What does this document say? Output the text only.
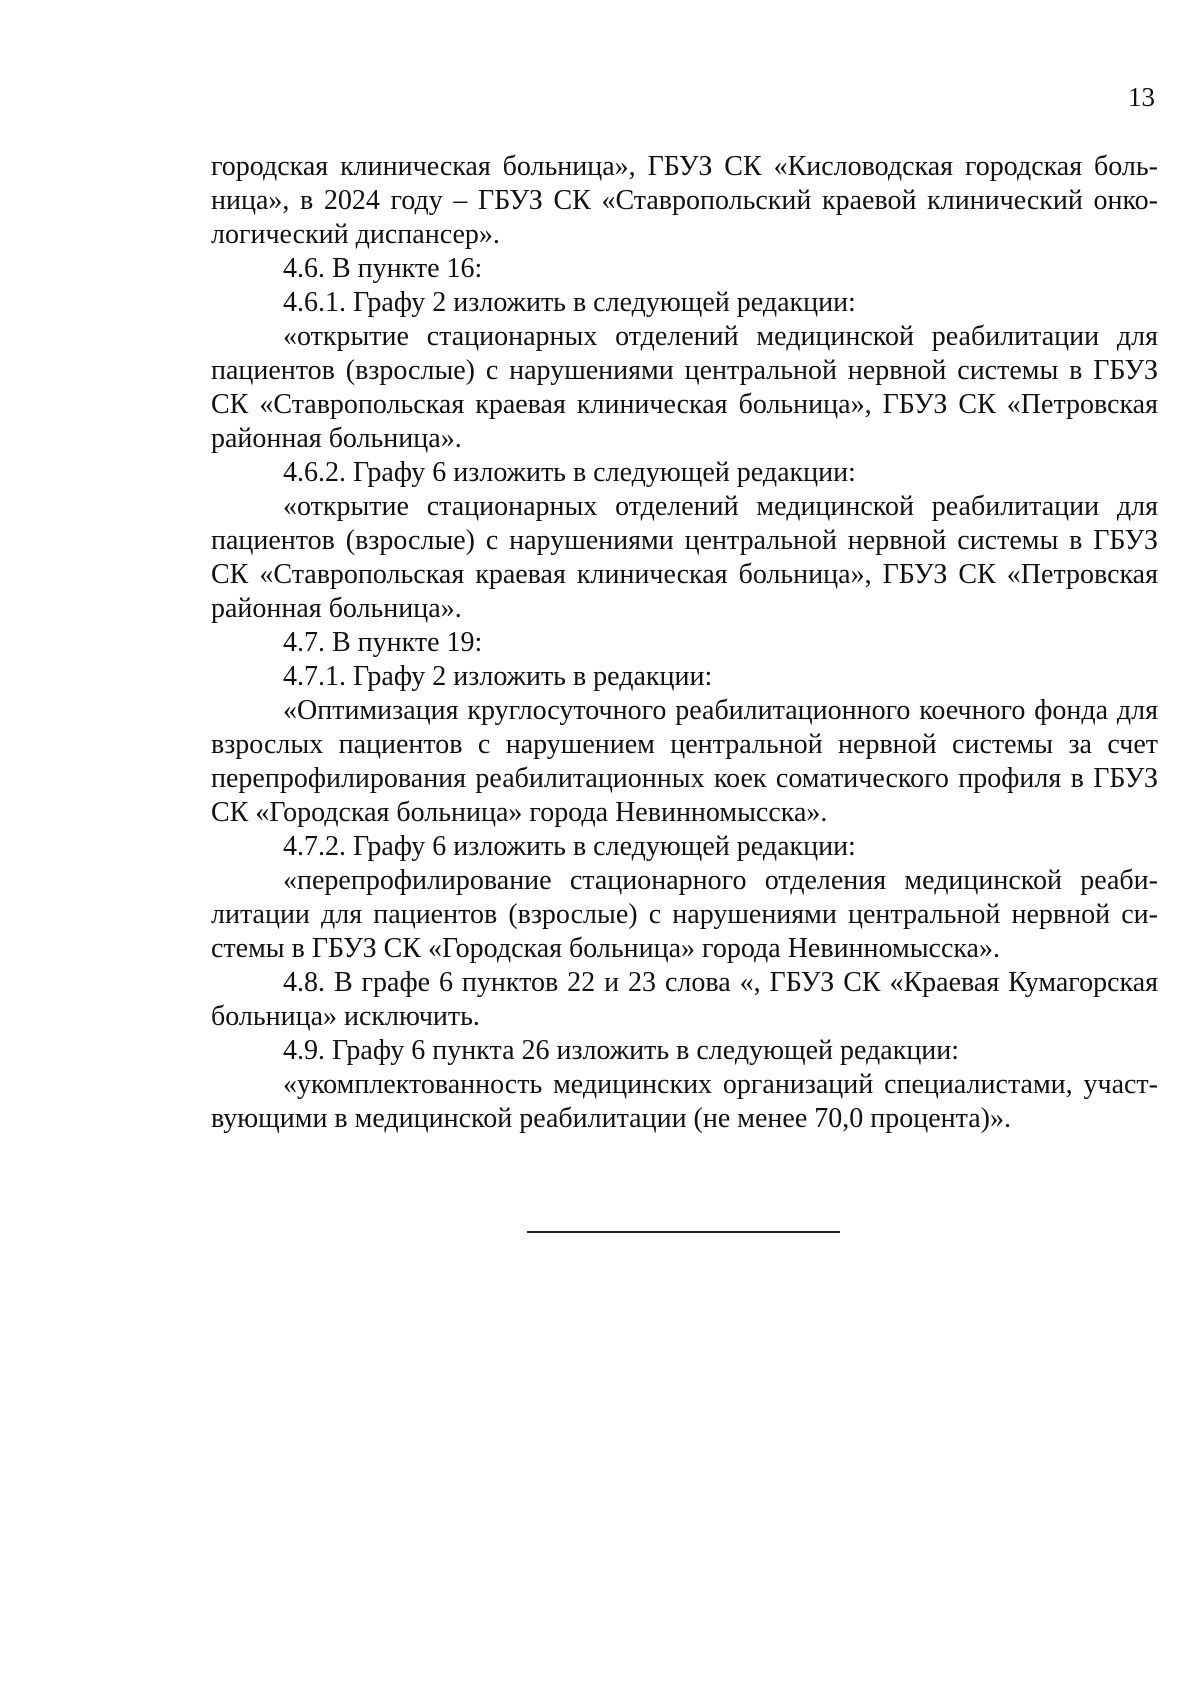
13

городская клиническая больница», ГБУЗ СК «Кисловодская городская больница», в 2024 году – ГБУЗ СК «Ставропольский краевой клинический онкологический диспансер».

4.6. В пункте 16:

4.6.1. Графу 2 изложить в следующей редакции:

«открытие стационарных отделений медицинской реабилитации для пациентов (взрослые) с нарушениями центральной нервной системы в ГБУЗ СК «Ставропольская краевая клиническая больница», ГБУЗ СК «Петровская районная больница».

4.6.2. Графу 6 изложить в следующей редакции:

«открытие стационарных отделений медицинской реабилитации для пациентов (взрослые) с нарушениями центральной нервной системы в ГБУЗ СК «Ставропольская краевая клиническая больница», ГБУЗ СК «Петровская районная больница».

4.7. В пункте 19:

4.7.1. Графу 2 изложить в редакции:

«Оптимизация круглосуточного реабилитационного коечного фонда для взрослых пациентов с нарушением центральной нервной системы за счет перепрофилирования реабилитационных коек соматического профиля в ГБУЗ СК «Городская больница» города Невинномысска».

4.7.2. Графу 6 изложить в следующей редакции:

«перепрофилирование стационарного отделения медицинской реабилитации для пациентов (взрослые) с нарушениями центральной нервной системы в ГБУЗ СК «Городская больница» города Невинномысска».

4.8. В графе 6 пунктов 22 и 23 слова «, ГБУЗ СК «Краевая Кумагорская больница» исключить.

4.9. Графу 6 пункта 26 изложить в следующей редакции:

«укомплектованность медицинских организаций специалистами, участвующими в медицинской реабилитации (не менее 70,0 процента)».
